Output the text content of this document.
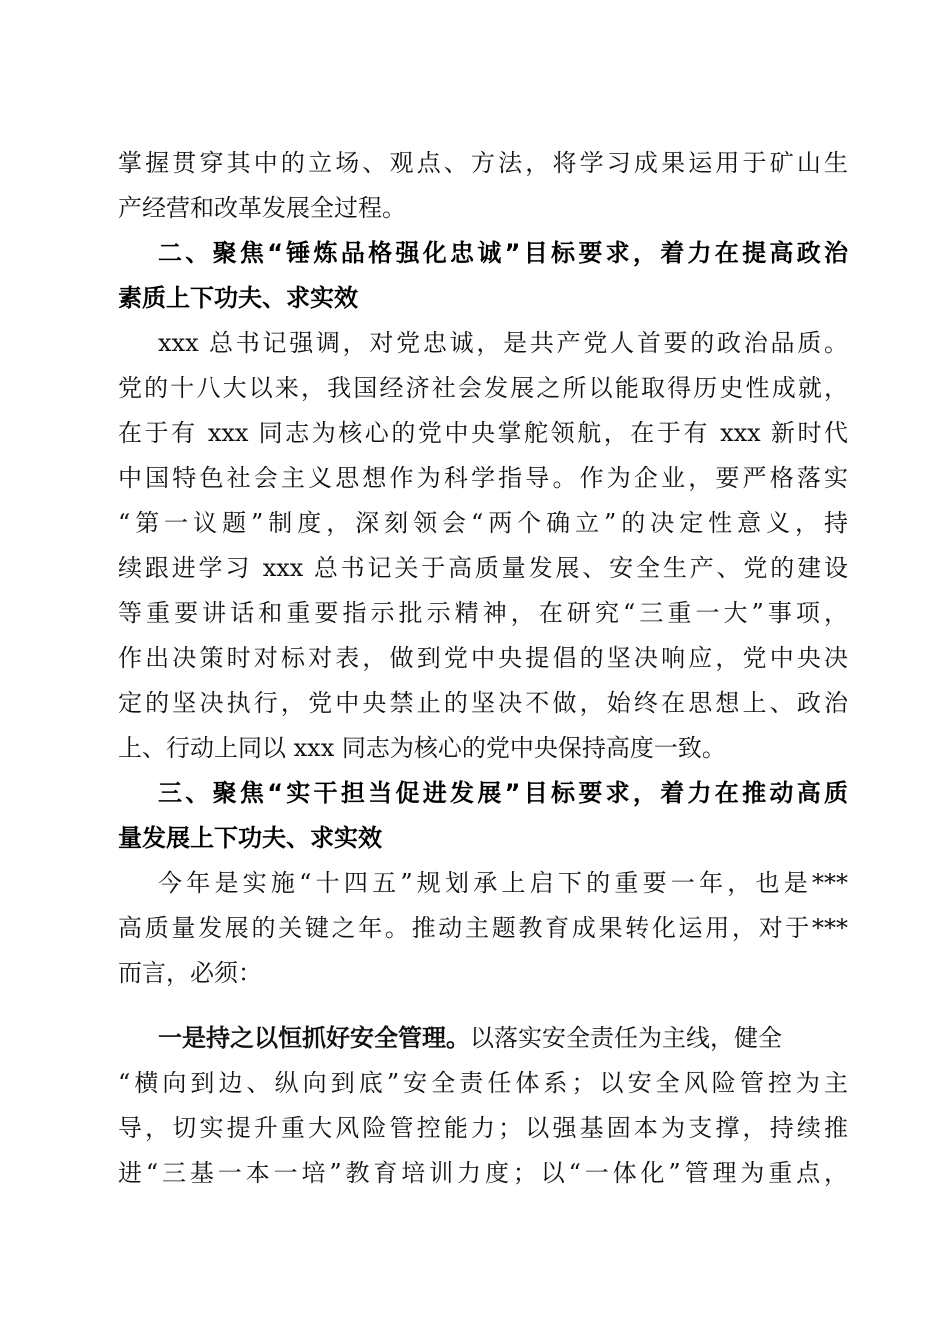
掌握贯穿其中的立场、观点、方法，将学习成果运用于矿山生
产经营和改革发展全过程。
二、聚焦“锤炼品格强化忠诚”目标要求，着力在提高政治
素质上下功夫、求实效
xxx 总书记强调，对党忠诚，是共产党人首要的政治品质。
党的十八大以来，我国经济社会发展之所以能取得历史性成就，
在于有 xxx 同志为核心的党中央掌舵领航，在于有 xxx 新时代
中国特色社会主义思想作为科学指导。作为企业，要严格落实
“第一议题”制度，深刻领会“两个确立”的决定性意义，持
续跟进学习 xxx 总书记关于高质量发展、安全生产、党的建设
等重要讲话和重要指示批示精神，在研究“三重一大”事项，
作出决策时对标对表，做到党中央提倡的坚决响应，党中央决
定的坚决执行，党中央禁止的坚决不做，始终在思想上、政治
上、行动上同以 xxx 同志为核心的党中央保持高度一致。
三、聚焦“实干担当促进发展”目标要求，着力在推动高质
量发展上下功夫、求实效
今年是实施“十四五”规划承上启下的重要一年，也是***
高质量发展的关键之年。推动主题教育成果转化运用，对于***
而言，必须：
一是持之以恒抓好安全管理。以落实安全责任为主线，健全
“横向到边、纵向到底”安全责任体系；以安全风险管控为主
导，切实提升重大风险管控能力；以强基固本为支撑，持续推
进“三基一本一培”教育培训力度；以“一体化”管理为重点，
